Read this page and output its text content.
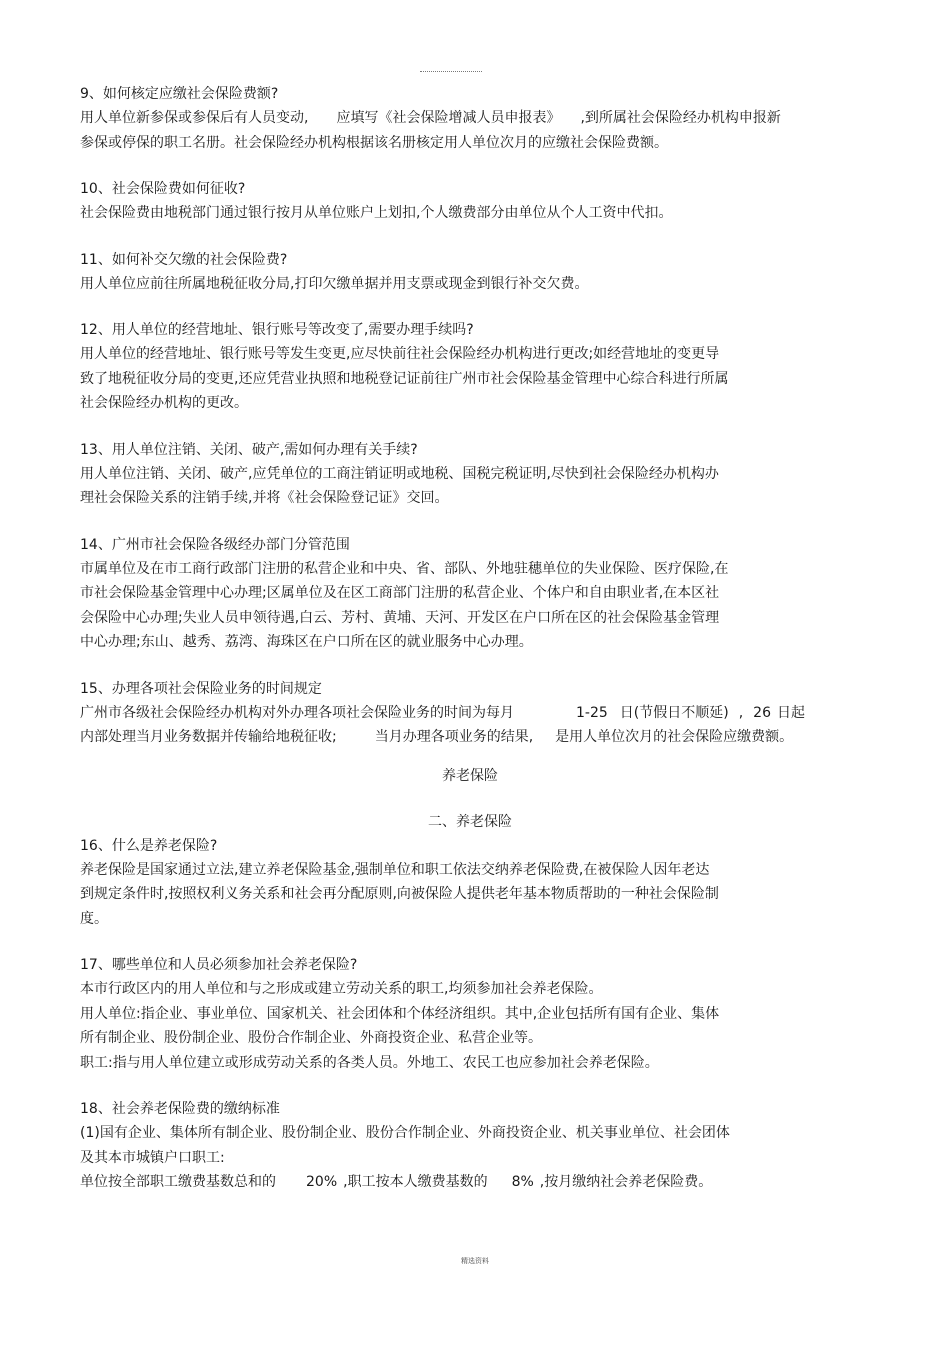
9、如何核定应缴社会保险费额?
用人单位新参保或参保后有人员变动, 应填写《社会保险增减人员申报表》 ,到所属社会保险经办机构申报新
参保或停保的职工名册。社会保险经办机构根据该名册核定用人单位次月的应缴社会保险费额。
10、社会保险费如何征收?
社会保险费由地税部门通过银行按月从单位账户上划扣,个人缴费部分由单位从个人工资中代扣。
11、如何补交欠缴的社会保险费?
用人单位应前往所属地税征收分局,打印欠缴单据并用支票或现金到银行补交欠费。
12、用人单位的经营地址、银行账号等改变了,需要办理手续吗?
用人单位的经营地址、银行账号等发生变更,应尽快前往社会保险经办机构进行更改;如经营地址的变更导
致了地税征收分局的变更,还应凭营业执照和地税登记证前往广州市社会保险基金管理中心综合科进行所属
社会保险经办机构的更改。
13、用人单位注销、关闭、破产,需如何办理有关手续?
用人单位注销、关闭、破产,应凭单位的工商注销证明或地税、国税完税证明,尽快到社会保险经办机构办
理社会保险关系的注销手续,并将《社会保险登记证》交回。
14、广州市社会保险各级经办部门分管范围
市属单位及在市工商行政部门注册的私营企业和中央、省、部队、外地驻穗单位的失业保险、医疗保险,在
市社会保险基金管理中心办理;区属单位及在区工商部门注册的私营企业、个体户和自由职业者,在本区社
会保险中心办理;失业人员申领待遇,白云、芳村、黄埔、天河、开发区在户口所在区的社会保险基金管理
中心办理;东山、越秀、荔湾、海珠区在户口所在区的就业服务中心办理。
15、办理各项社会保险业务的时间规定
广州市各级社会保险经办机构对外办理各项社会保险业务的时间为每月	1-25 日(节假日不顺延) , 26 日起
内部处理当月业务数据并传输给地税征收;	当月办理各项业务的结果, 是用人单位次月的社会保险应缴费额。
养老保险
二、养老保险
16、什么是养老保险?
养老保险是国家通过立法,建立养老保险基金,强制单位和职工依法交纳养老保险费,在被保险人因年老达
到规定条件时,按照权利义务关系和社会再分配原则,向被保险人提供老年基本物质帮助的一种社会保险制
度。
17、哪些单位和人员必须参加社会养老保险?
本市行政区内的用人单位和与之形成或建立劳动关系的职工,均须参加社会养老保险。
用人单位:指企业、事业单位、国家机关、社会团体和个体经济组织。其中,企业包括所有国有企业、集体
所有制企业、股份制企业、股份合作制企业、外商投资企业、私营企业等。
职工:指与用人单位建立或形成劳动关系的各类人员。外地工、农民工也应参加社会养老保险。
18、社会养老保险费的缴纳标准
(1)国有企业、集体所有制企业、股份制企业、股份合作制企业、外商投资企业、机关事业单位、社会团体
及其本市城镇户口职工:
单位按全部职工缴费基数总和的 20% ,职工按本人缴费基数的 8% ,按月缴纳社会养老保险费。
精选资料
